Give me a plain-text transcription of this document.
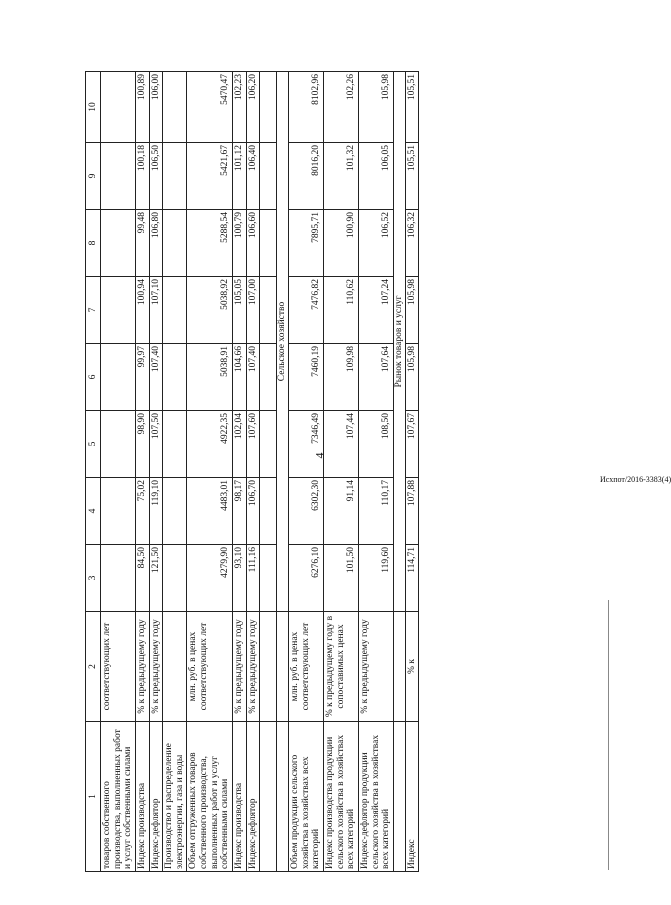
4
1	2	3	4	5	6	7	8	9	10
товаров собственного производства, выполненных работ и услуг собственными силами	соответствующих лет								
Индекс производства	% к предыдущему году	84,50	75,02	98,90	99,97	100,94	99,48	100,18	100,89
Индекс-дефлятор	% к предыдущему году	121,50	119,10	107,50	107,40	107,10	106,80	106,50	106,00
Производство и распределение электроэнергии, газа и воды									
Объем отгруженных товаров собственного производства, выполненных работ и услуг собственными силами	млн. руб. в ценах соответствующих лет	4279,90	4483,01	4922,35	5038,91	5038,92	5288,54	5421,67	5470,47
Индекс производства	% к предыдущему году	93,10	98,17	102,04	104,66	105,05	100,79	101,12	102,23
Индекс-дефлятор	% к предыдущему году	111,16	106,70	107,60	107,40	107,00	106,60	106,40	106,20

		Сельское хозяйство							
Объем продукции сельского хозяйства в хозяйствах всех категорий	млн. руб. в ценах соответствующих лет	6276,10	6302,30	7346,49	7460,19	7476,82	7895,71	8016,20	8102,96
Индекс производства продукции сельского хозяйства в хозяйствах всех категорий	% к предыдущему году в сопоставимых ценах	101,50	91,14	107,44	109,98	110,62	100,90	101,32	102,26
Индекс-дефлятор продукции сельского хозяйства в хозяйствах всех категорий	% к предыдущему году	119,60	110,17	108,50	107,64	107,24	106,52	106,05	105,98
		Рынок товаров и услуг							
Индекс	% к	114,71	107,88	107,67	105,98	105,98	106,32	105,51	105,51
Исхпот/2016-3383(4)
